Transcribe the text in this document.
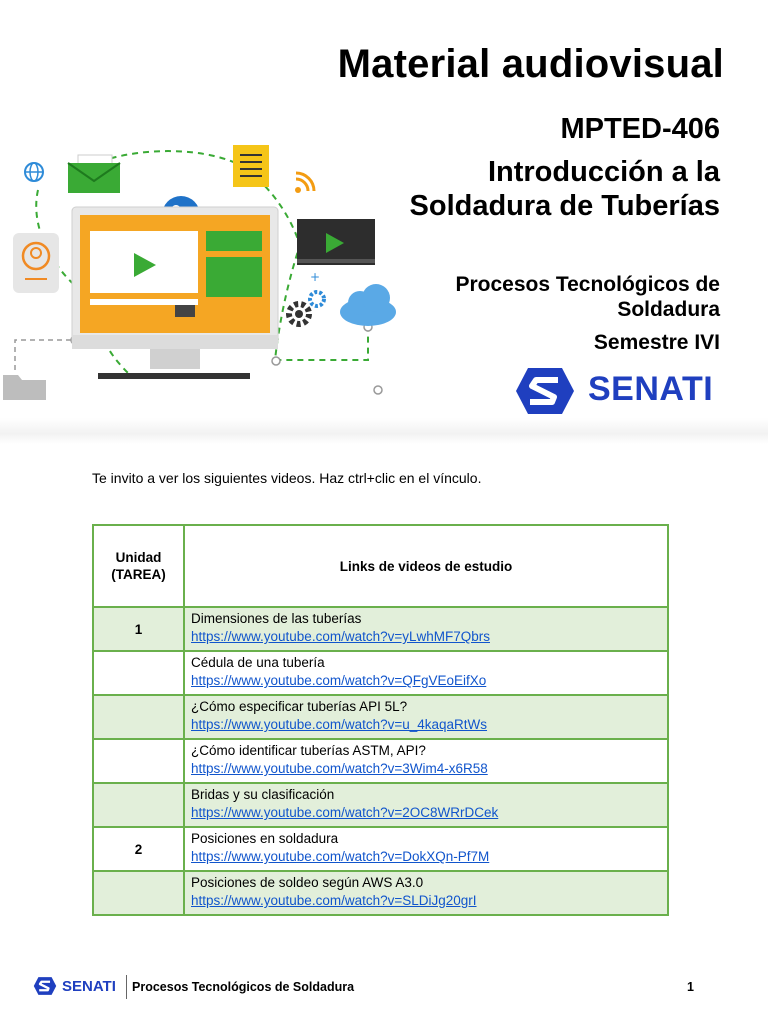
+
Material audiovisual
MPTED-406
Introducción a la Soldadura de Tuberías
Procesos Tecnológicos de Soldadura
Semestre IVI
SENATI
Te invito a ver los siguientes videos. Haz ctrl+clic en el vínculo.
Unidad (TAREA)	Links de videos de estudio
1	Dimensiones de las tuberías
https://www.youtube.com/watch?v=yLwhMF7Qbrs

	Cédula de una tubería
https://www.youtube.com/watch?v=QFgVEoEifXo

	¿Cómo especificar tuberías API 5L?
https://www.youtube.com/watch?v=u_4kaqaRtWs

	¿Cómo identificar tuberías ASTM, API?
https://www.youtube.com/watch?v=3Wim4-x6R58

	Bridas y su clasificación
https://www.youtube.com/watch?v=2OC8WRrDCek

2	Posiciones en soldadura
https://www.youtube.com/watch?v=DokXQn-Pf7M

	Posiciones de soldeo según AWS A3.0
https://www.youtube.com/watch?v=SLDiJg20grI
SENATI Procesos Tecnológicos de Soldadura	1
